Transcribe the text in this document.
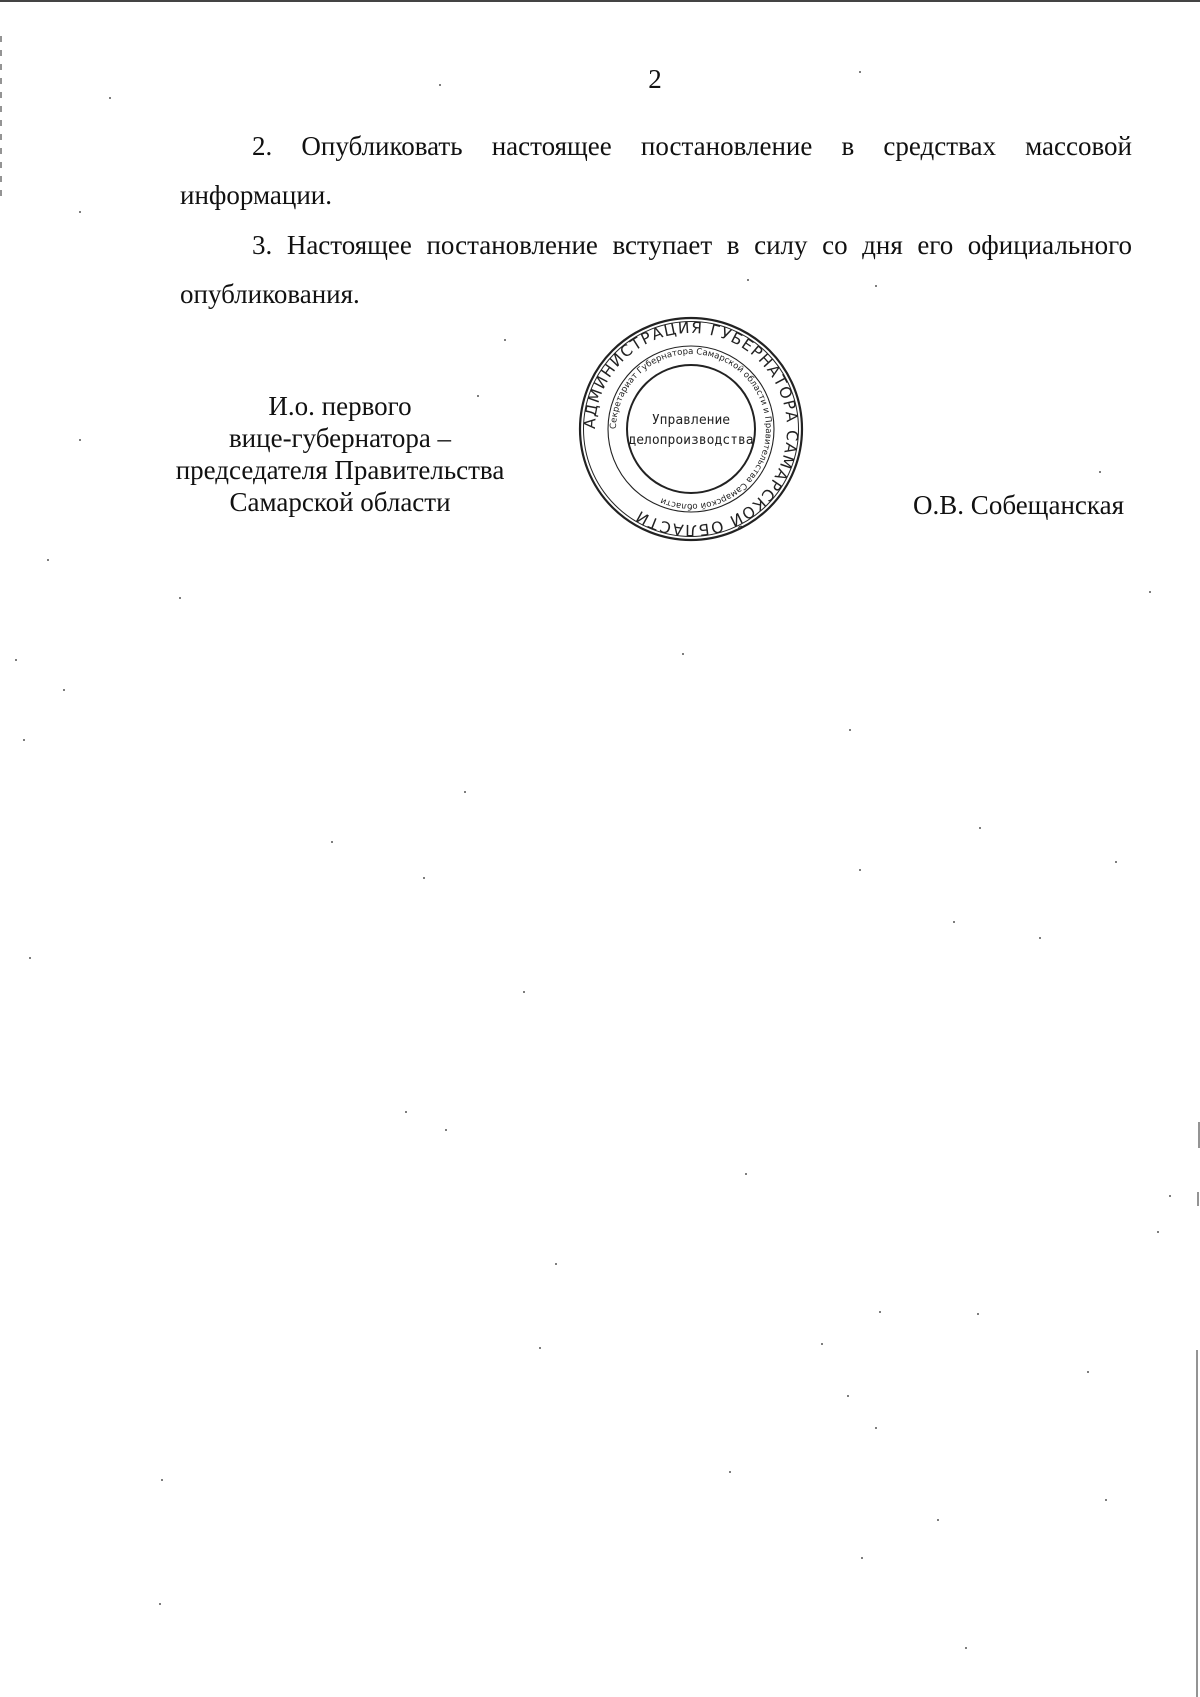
2

2. Опубликовать настоящее постановление в средствах массовой информации.

3. Настоящее постановление вступает в силу со дня его официального опубликования.

И.о. первого
вице-губернатора –
председателя Правительства
Самарской области
АДМИНИСТРАЦИЯ ГУБЕРНАТОРА САМАРСКОЙ ОБЛАСТИ
Секретариат Губернатора Самарской области и Правительства Самарской области
Управление
делопроизводства
О.В. Собещанская
